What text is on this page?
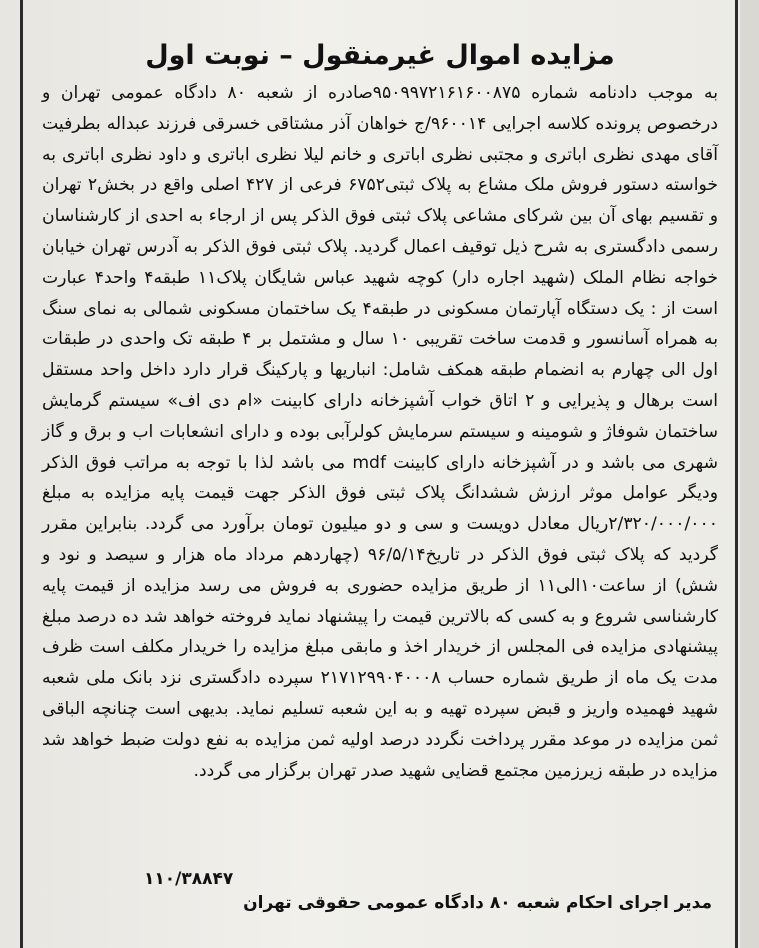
مزایده اموال غیرمنقول – نوبت اول
به موجب دادنامه شماره ۹۵۰۹۹۷۲۱۶۱۶۰۰۸۷۵صادره از شعبه ۸۰ دادگاه عمومی تهران و درخصوص پرونده کلاسه اجرایی ۹۶۰۰۱۴/ج خواهان آذر مشتاقی خسرقی فرزند عبداله بطرفیت آقای مهدی نظری اباتری و مجتبی نظری اباتری و خانم لیلا نظری اباتری و داود نظری اباتری به خواسته دستور فروش ملک مشاع به پلاک ثبتی۶۷۵۲ فرعی از ۴۲۷ اصلی واقع در بخش۲ تهران و تقسیم بهای آن بین شرکای مشاعی پلاک ثبتی فوق الذکر پس از ارجاء به احدی از کارشناسان رسمی دادگستری به شرح ذیل توقیف اعمال گردید. پلاک ثبتی فوق الذکر به آدرس تهران خیابان خواجه نظام الملک (شهید اجاره دار) کوچه شهید عباس شایگان پلاک۱۱ طبقه۴ واحد۴ عبارت است از : یک دستگاه آپارتمان مسکونی در طبقه۴ یک ساختمان مسکونی شمالی به نمای سنگ به همراه آسانسور و قدمت ساخت تقریبی ۱۰ سال و مشتمل بر ۴ طبقه تک واحدی در طبقات اول الی چهارم به انضمام طبقه همکف شامل: انباریها و پارکینگ قرار دارد داخل واحد مستقل است برهال و پذیرایی و ۲ اتاق خواب آشپزخانه دارای کابینت «ام دی اف» سیستم گرمایش ساختمان شوفاژ و شومینه و سیستم سرمایش کولرآبی بوده و دارای انشعابات اب و برق و گاز شهری می باشد و در آشپزخانه دارای کابینت mdf می باشد لذا با توجه به مراتب فوق الذکر ودیگر عوامل موثر ارزش ششدانگ پلاک ثبتی فوق الذکر جهت قیمت پایه مزایده به مبلغ ۲/۳۲۰/۰۰۰/۰۰۰ریال معادل دویست و سی و دو میلیون تومان برآورد می گردد. بنابراین مقرر گردید که پلاک ثبتی فوق الذکر در تاریخ۹۶/۵/۱۴ (چهاردهم مرداد ماه هزار و سیصد و نود و شش) از ساعت۱۰الی۱۱ از طریق مزایده حضوری به فروش می رسد مزایده از قیمت پایه کارشناسی شروع و به کسی که بالاترین قیمت را پیشنهاد نماید فروخته خواهد شد ده درصد مبلغ پیشنهادی مزایده فی المجلس از خریدار اخذ و مابقی مبلغ مزایده را خریدار مکلف است ظرف مدت یک ماه از طریق شماره حساب ۲۱۷۱۲۹۹۰۴۰۰۰۸ سپرده دادگستری نزد بانک ملی شعبه شهید فهمیده واریز و قبض سپرده تهیه و به این شعبه تسلیم نماید. بدیهی است چنانچه الباقی ثمن مزایده در موعد مقرر پرداخت نگردد درصد اولیه ثمن مزایده به نفع دولت ضبط خواهد شد مزایده در طبقه زیرزمین مجتمع قضایی شهید صدر تهران برگزار می گردد.
۱۱۰/۳۸۸۴۷
مدیر اجرای احکام شعبه ۸۰ دادگاه عمومی حقوقی تهران
